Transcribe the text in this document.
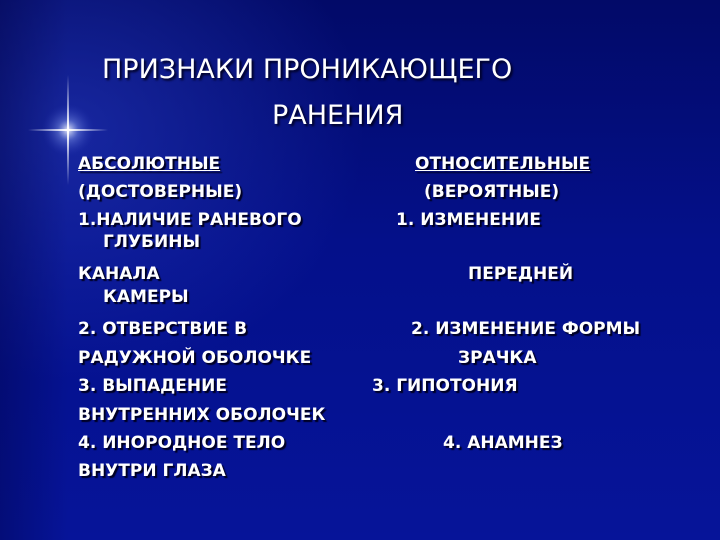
ПРИЗНАКИ ПРОНИКАЮЩЕГО
РАНЕНИЯ
АБСОЛЮТНЫЕ	ОТНОСИТЕЛЬНЫЕ
(ДОСТОВЕРНЫЕ)	(ВЕРОЯТНЫЕ)
1.НАЛИЧИЕ РАНЕВОГО	1. ИЗМЕНЕНИЕ
ГЛУБИНЫ
КАНАЛА	ПЕРЕДНЕЙ
КАМЕРЫ
2. ОТВЕРСТВИЕ В	2. ИЗМЕНЕНИЕ ФОРМЫ
РАДУЖНОЙ ОБОЛОЧКЕ	ЗРАЧКА
3. ВЫПАДЕНИЕ	3. ГИПОТОНИЯ
ВНУТРЕННИХ ОБОЛОЧЕК
4. ИНОРОДНОЕ ТЕЛО	4. АНАМНЕЗ
ВНУТРИ ГЛАЗА
